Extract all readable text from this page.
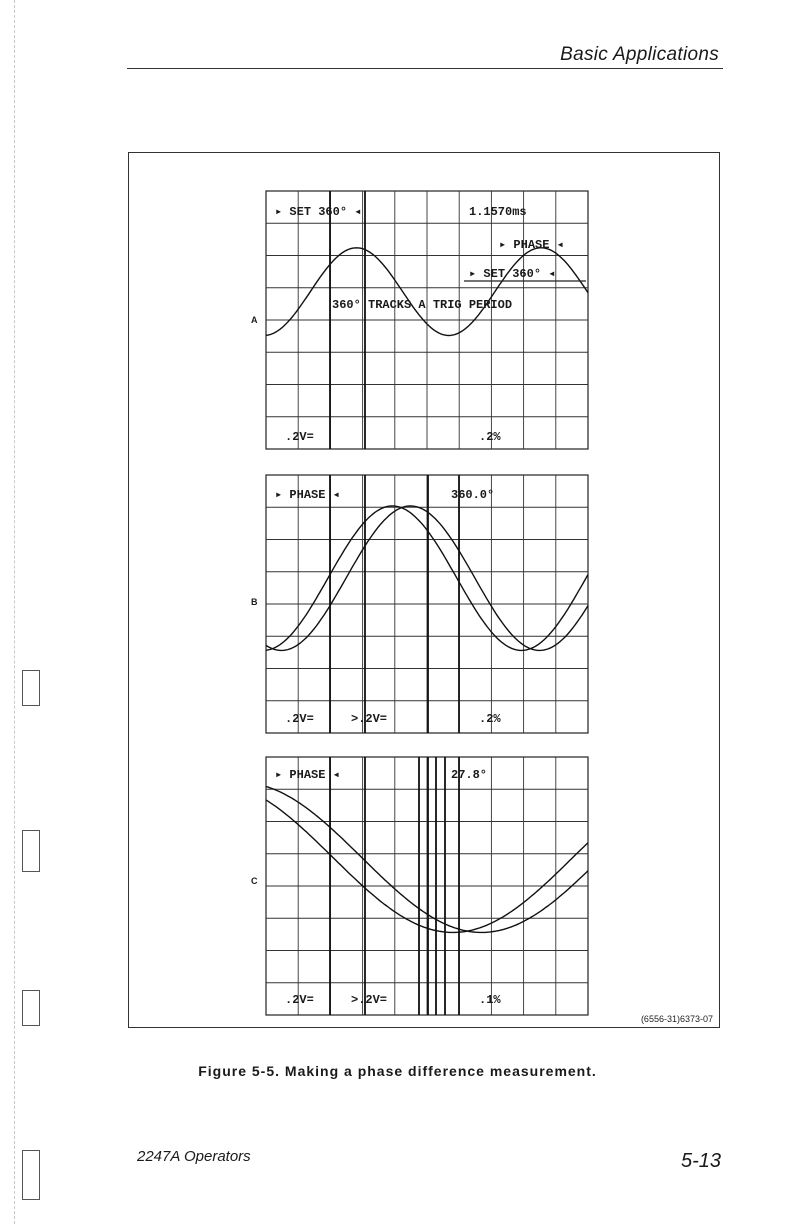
Basic Applications
A
▸ SET 360° ◂	1.1570ms
▸ PHASE ◂
▸ SET 360° ◂
360° TRACKS A TRIG PERIOD
.2V=	.2%
B
▸ PHASE ◂	360.0°
.2V=	>.2V=	.2%
C
▸ PHASE ◂	27.8°
.2V=	>.2V=	.1%
(6556-31)6373-07
Figure 5-5. Making a phase difference measurement.
2247A Operators	5-13
